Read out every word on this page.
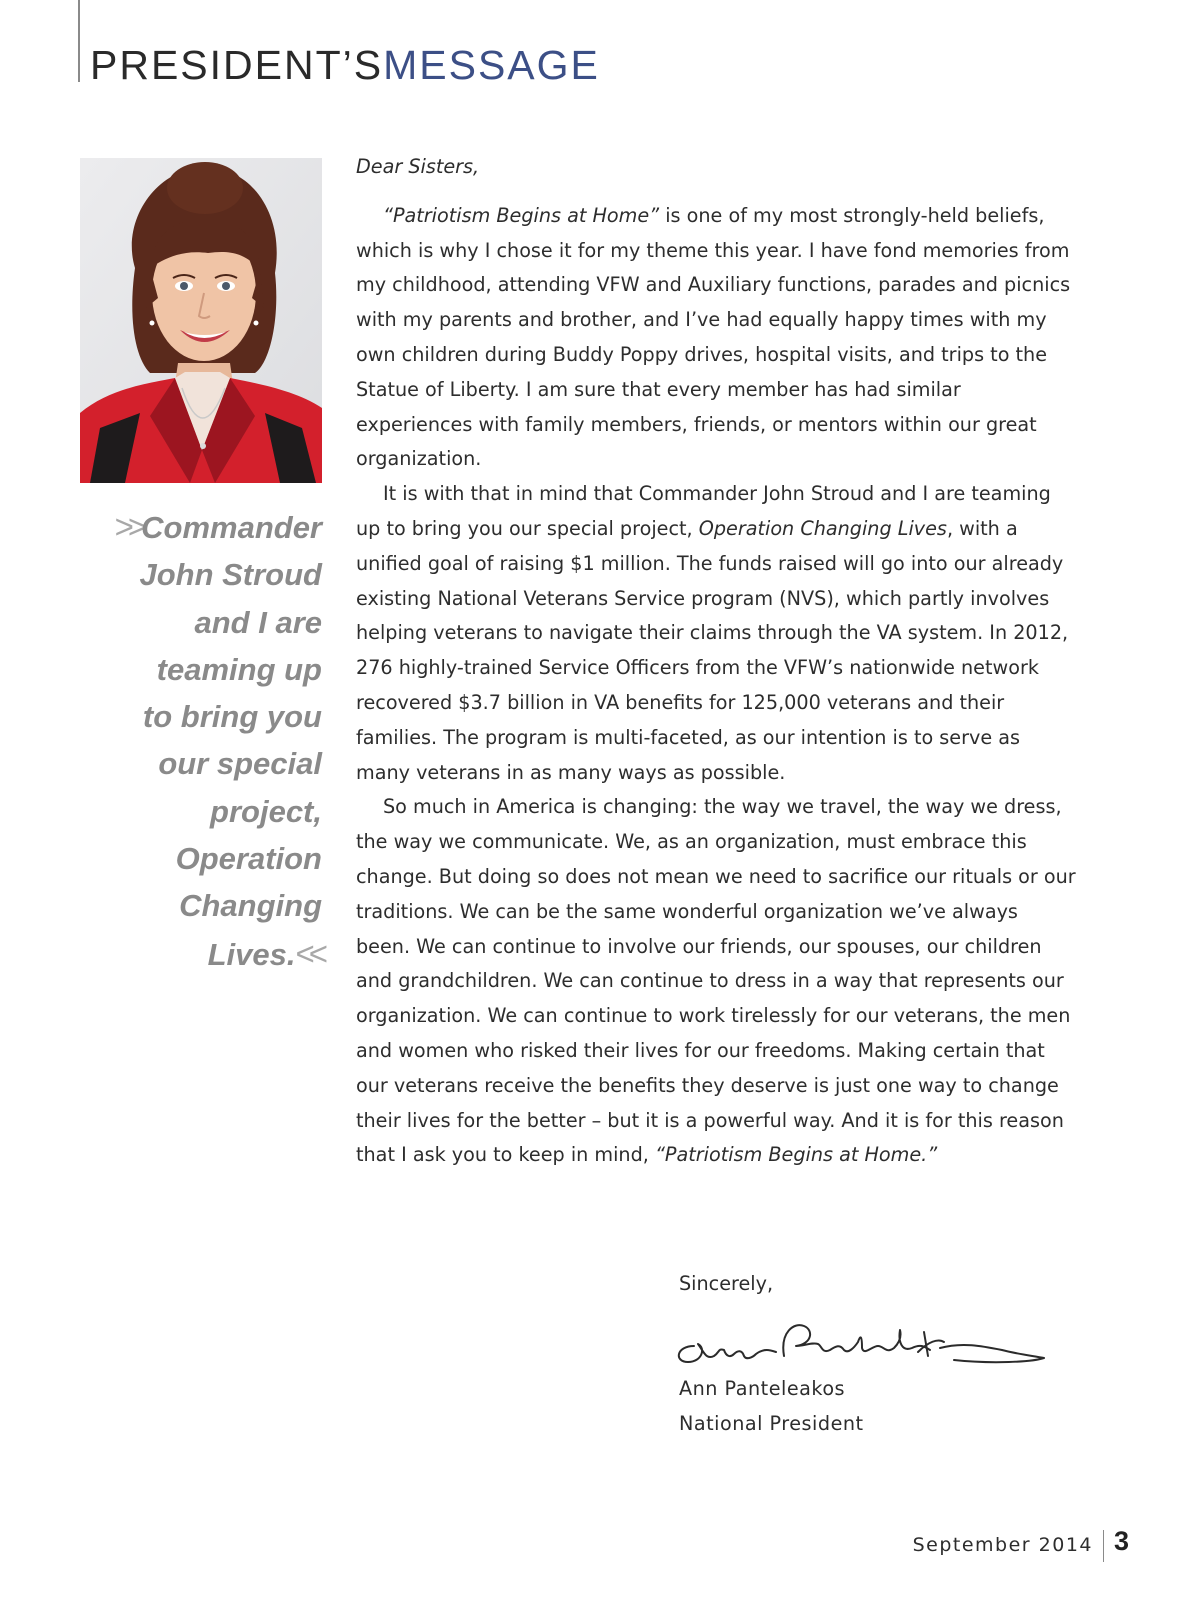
PRESIDENT’SMESSAGE
>>Commander
John Stroud
and I are
teaming up
to bring you
our special
project,
Operation
Changing
Lives.<<

Dear Sisters,

“Patriotism Begins at Home” is one of my most strongly-held beliefs, which is why I chose it for my theme this year. I have fond memories from my childhood, attending VFW and Auxiliary functions, parades and picnics with my parents and brother, and I’ve had equally happy times with my own children during Buddy Poppy drives, hospital visits, and trips to the Statue of Liberty. I am sure that every member has had similar experiences with family members, friends, or mentors within our great organization.

It is with that in mind that Commander John Stroud and I are teaming up to bring you our special project, Operation Changing Lives, with a unified goal of raising $1 million. The funds raised will go into our already existing National Veterans Service program (NVS), which partly involves helping veterans to navigate their claims through the VA system. In 2012, 276 highly-trained Service Officers from the VFW’s nationwide network recovered $3.7 billion in VA benefits for 125,000 veterans and their families. The program is multi-faceted, as our intention is to serve as many veterans in as many ways as possible.

So much in America is changing: the way we travel, the way we dress, the way we communicate. We, as an organization, must embrace this change. But doing so does not mean we need to sacrifice our rituals or our traditions. We can be the same wonderful organization we’ve always been. We can continue to involve our friends, our spouses, our children and grandchildren. We can continue to dress in a way that represents our organization. We can continue to work tirelessly for our veterans, the men and women who risked their lives for our freedoms. Making certain that our veterans receive the benefits they deserve is just one way to change their lives for the better – but it is a powerful way. And it is for this reason that I ask you to keep in mind, “Patriotism Begins at Home.”

Sincerely,
Ann Panteleakos
National President
September 2014 3
